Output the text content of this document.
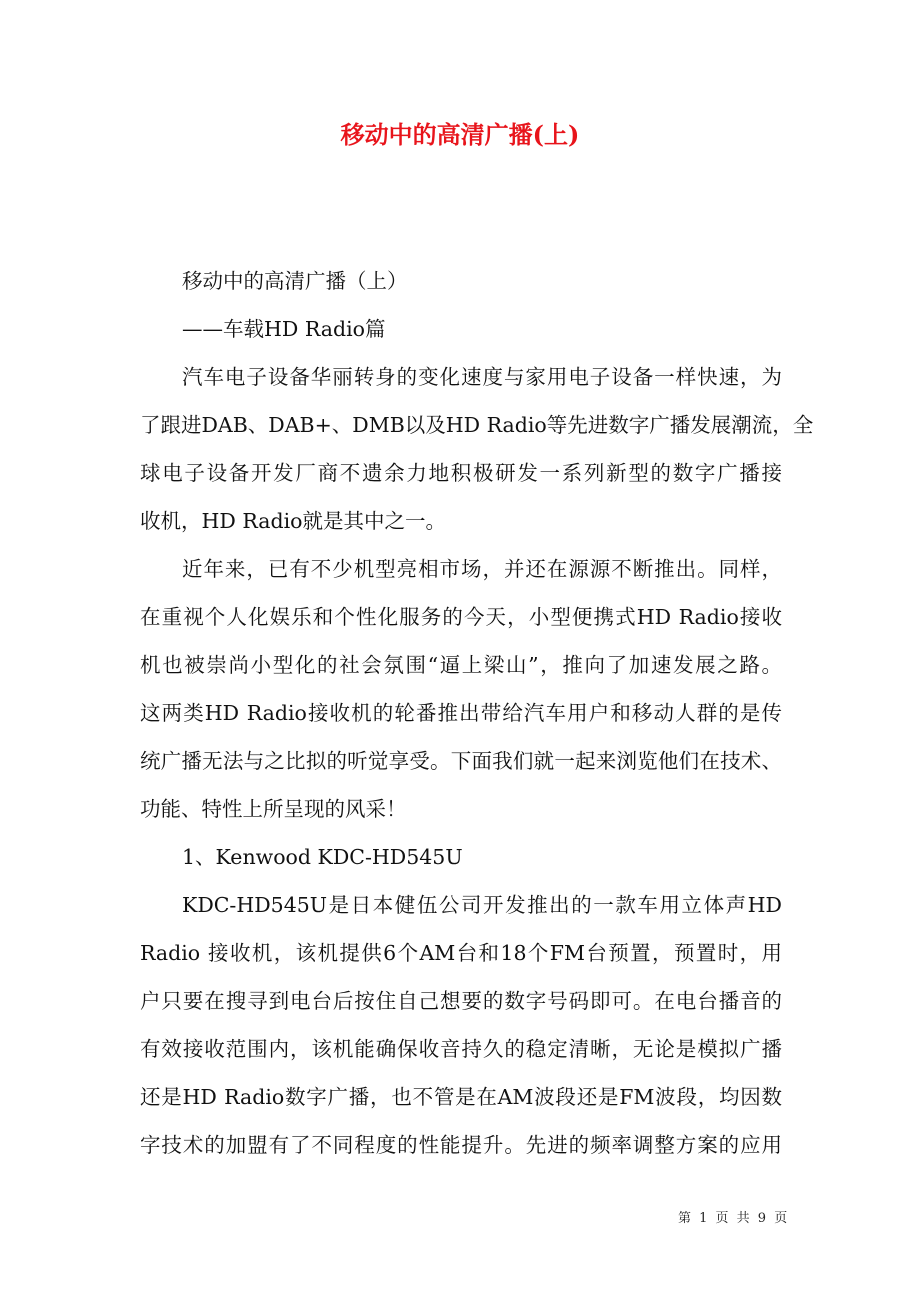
移动中的高清广播(上)
移动中的高清广播（上）
——车载HD Radio篇
汽车电子设备华丽转身的变化速度与家用电子设备一样快速，为
了跟进DAB、DAB+、DMB以及HD Radio等先进数字广播发展潮流，全
球电子设备开发厂商不遗余力地积极研发一系列新型的数字广播接
收机，HD Radio就是其中之一。
近年来，已有不少机型亮相市场，并还在源源不断推出。同样，
在重视个人化娱乐和个性化服务的今天，小型便携式HD Radio接收
机也被崇尚小型化的社会氛围“逼上梁山”，推向了加速发展之路。
这两类HD Radio接收机的轮番推出带给汽车用户和移动人群的是传
统广播无法与之比拟的听觉享受。下面我们就一起来浏览他们在技术、
功能、特性上所呈现的风采！
1、Kenwood KDC-HD545U
KDC-HD545U是日本健伍公司开发推出的一款车用立体声HD
Radio 接收机，该机提供6个AM台和18个FM台预置，预置时，用
户只要在搜寻到电台后按住自己想要的数字号码即可。在电台播音的
有效接收范围内，该机能确保收音持久的稳定清晰，无论是模拟广播
还是HD Radio数字广播，也不管是在AM波段还是FM波段，均因数
字技术的加盟有了不同程度的性能提升。先进的频率调整方案的应用
第 1 页 共 9 页
